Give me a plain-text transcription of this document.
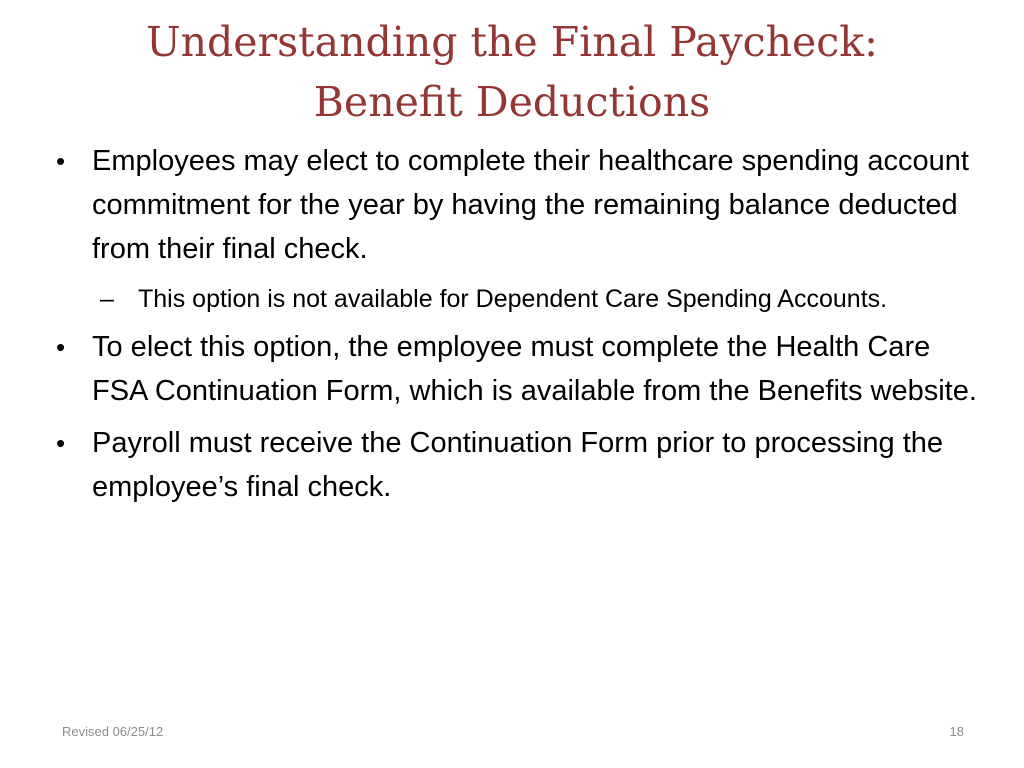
Understanding the Final Paycheck:
Benefit Deductions

• Employees may elect to complete their healthcare spending account commitment for the year by having the remaining balance deducted from their final check.

– This option is not available for Dependent Care Spending Accounts.

• To elect this option, the employee must complete the Health Care FSA Continuation Form, which is available from the Benefits website.

• Payroll must receive the Continuation Form prior to processing the employee’s final check.

Revised 06/25/12	18
